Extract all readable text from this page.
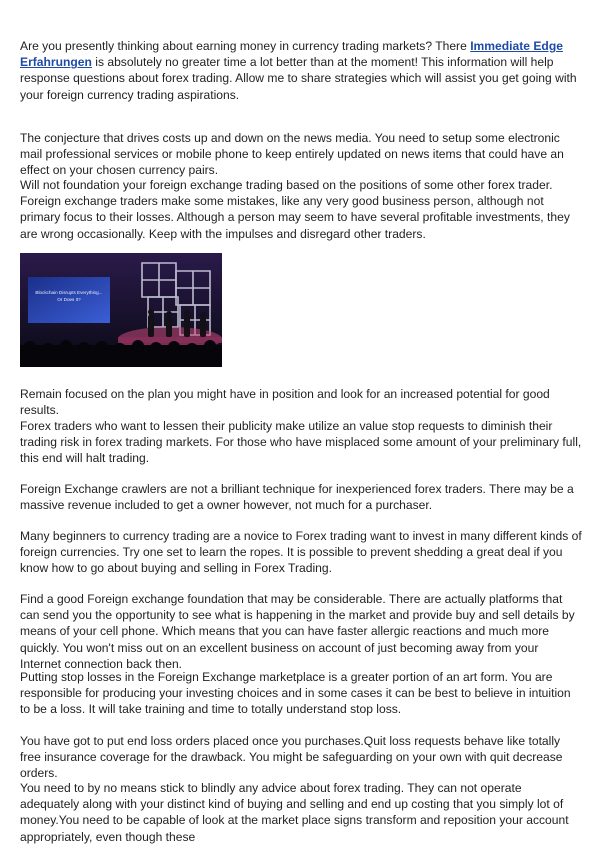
Are you presently thinking about earning money in currency trading markets? There Immediate Edge Erfahrungen is absolutely no greater time a lot better than at the moment! This information will help response questions about forex trading. Allow me to share strategies which will assist you get going with your foreign currency trading aspirations.

The conjecture that drives costs up and down on the news media. You need to setup some electronic mail professional services or mobile phone to keep entirely updated on news items that could have an effect on your chosen currency pairs.

Will not foundation your foreign exchange trading based on the positions of some other forex trader. Foreign exchange traders make some mistakes, like any very good business person, although not primary focus to their losses. Although a person may seem to have several profitable investments, they are wrong occasionally. Keep with the impulses and disregard other traders.

Blockchain Disrupts Everything...
Or Does It?

Remain focused on the plan you might have in position and look for an increased potential for good results.

Forex traders who want to lessen their publicity make utilize an value stop requests to diminish their trading risk in forex trading markets. For those who have misplaced some amount of your preliminary full, this end will halt trading.

Foreign Exchange crawlers are not a brilliant technique for inexperienced forex traders. There may be a massive revenue included to get a owner however, not much for a purchaser.

Many beginners to currency trading are a novice to Forex trading want to invest in many different kinds of foreign currencies. Try one set to learn the ropes. It is possible to prevent shedding a great deal if you know how to go about buying and selling in Forex Trading.

Find a good Foreign exchange foundation that may be considerable. There are actually platforms that can send you the opportunity to see what is happening in the market and provide buy and sell details by means of your cell phone. Which means that you can have faster allergic reactions and much more quickly. You won't miss out on an excellent business on account of just becoming away from your Internet connection back then.

Putting stop losses in the Foreign Exchange marketplace is a greater portion of an art form. You are responsible for producing your investing choices and in some cases it can be best to believe in intuition to be a loss. It will take training and time to totally understand stop loss.

You have got to put end loss orders placed once you purchases.Quit loss requests behave like totally free insurance coverage for the drawback. You might be safeguarding on your own with quit decrease orders.

You need to by no means stick to blindly any advice about forex trading. They can not operate adequately along with your distinct kind of buying and selling and end up costing that you simply lot of money.You need to be capable of look at the market place signs transform and reposition your account appropriately, even though these
